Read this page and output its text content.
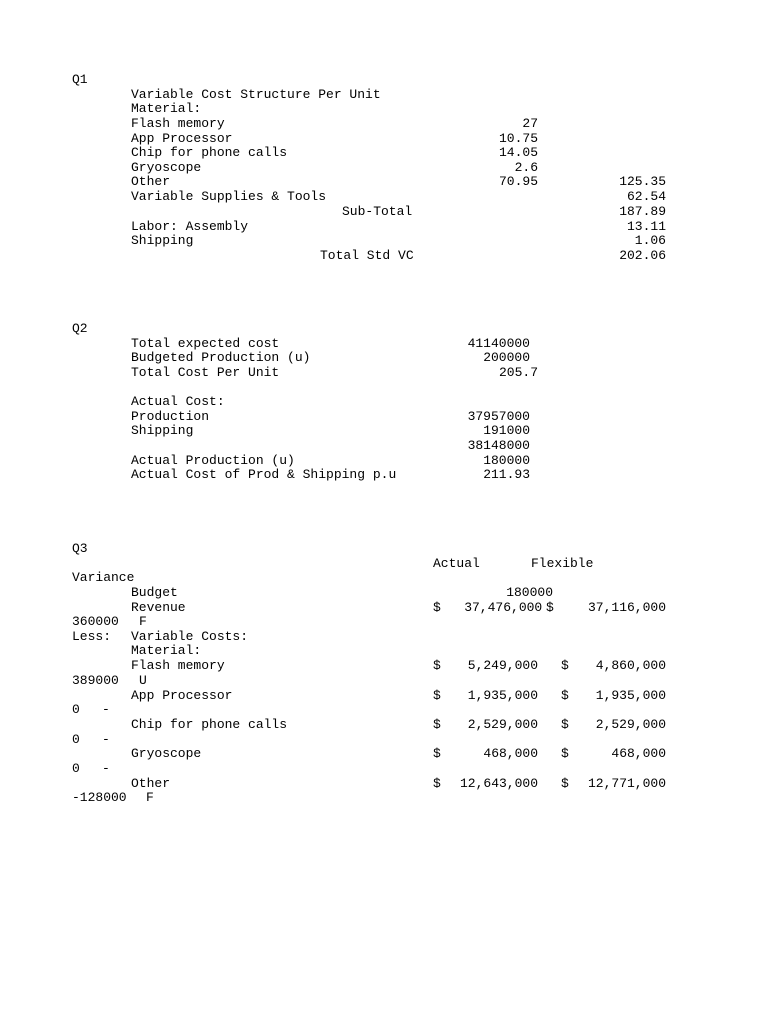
Q1
Variable Cost Structure Per Unit
Material:
Flash memory	27
App Processor	10.75
Chip for phone calls	14.05
Gryoscope	2.6
Other	70.95	125.35
Variable Supplies & Tools	62.54
Sub-Total	187.89
Labor: Assembly	13.11
Shipping	1.06
Total Std VC	202.06
Q2
Total expected cost	41140000
Budgeted Production (u)	200000
Total Cost Per Unit	205.7
Actual Cost:
Production	37957000
Shipping	191000
38148000
Actual Production (u)	180000
Actual Cost of Prod & Shipping p.u	211.93
Q3
Actual	Flexible
Variance
Budget	180000
Revenue	$   37,476,000 $	37,116,000
360000 F
Less: Variable Costs:
Material:
Flash memory	$ 5,249,000 $ 4,860,000
389000 U
App Processor	$ 1,935,000 $ 1,935,000
0 -
Chip for phone calls	$ 2,529,000 $ 2,529,000
0 -
Gryoscope	$	468,000 $	468,000
0 -
Other	$ 12,643,000 $ 12,771,000
-128000 F
